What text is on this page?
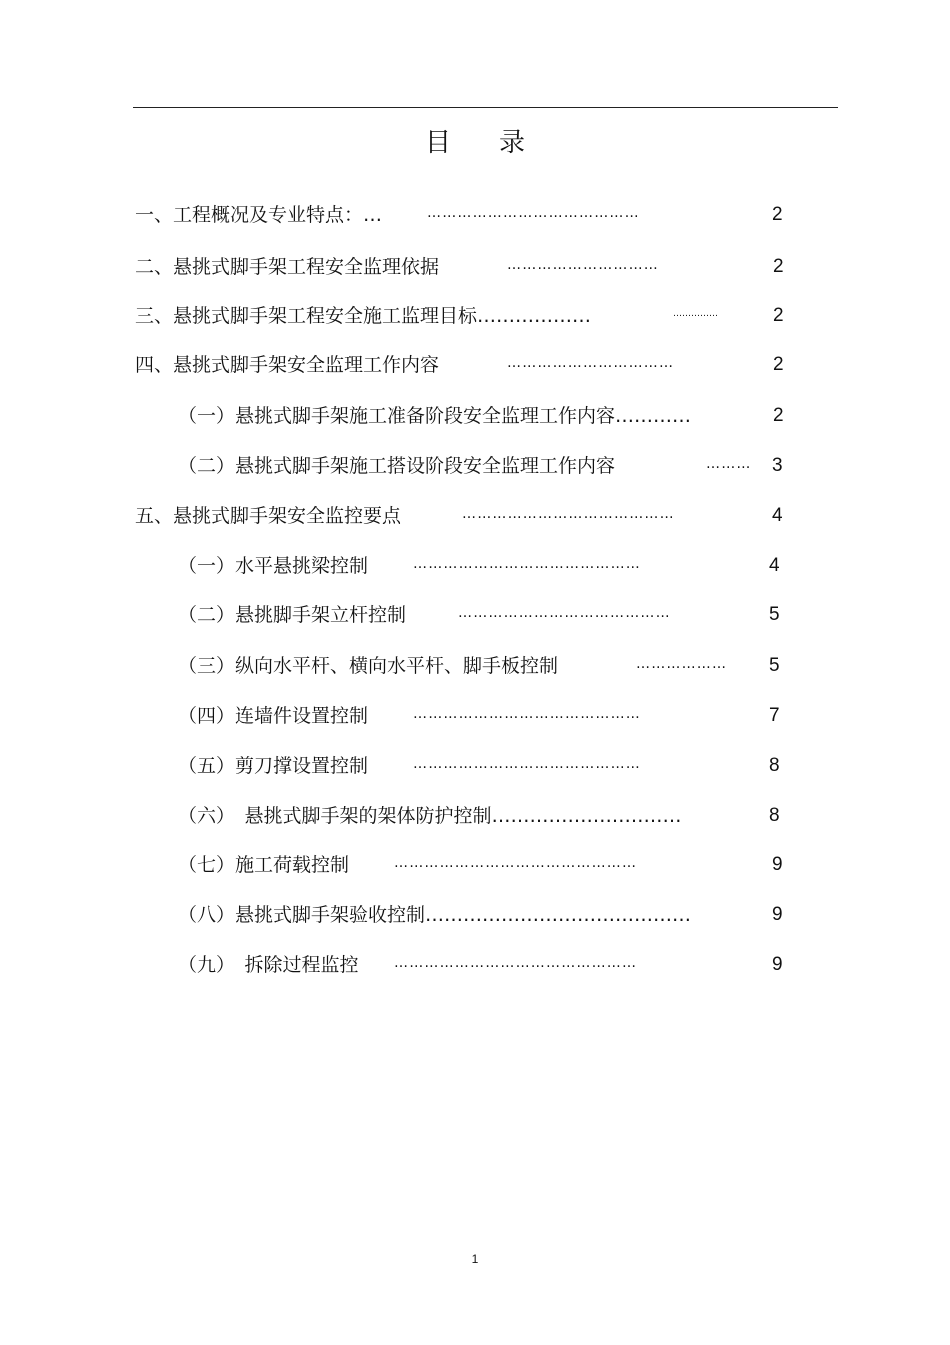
目 录
一、工程概况及专业特点：…	……………………………………	2
二、悬挑式脚手架工程安全监理依据	…………………………	2
三、悬挑式脚手架工程安全施工监理目标………………	……………	2
四、悬挑式脚手架安全监理工作内容	……………………………	2
（一）悬挑式脚手架施工准备阶段安全监理工作内容…………	2
（二）悬挑式脚手架施工搭设阶段安全监理工作内容	………	3
五、悬挑式脚手架安全监控要点	……………………………………	4
（一）水平悬挑梁控制	………………………………………	4
（二）悬挑脚手架立杆控制	……………………………………	5
（三）纵向水平杆、横向水平杆、脚手板控制	………………	5
（四）连墙件设置控制	………………………………………	7
（五）剪刀撑设置控制	………………………………………	8
（六）　悬挑式脚手架的架体防护控制…………………………	8
（七）施工荷载控制	…………………………………………	9
（八）悬挑式脚手架验收控制……………………………………	9
（九）　拆除过程监控	…………………………………………	9
1
